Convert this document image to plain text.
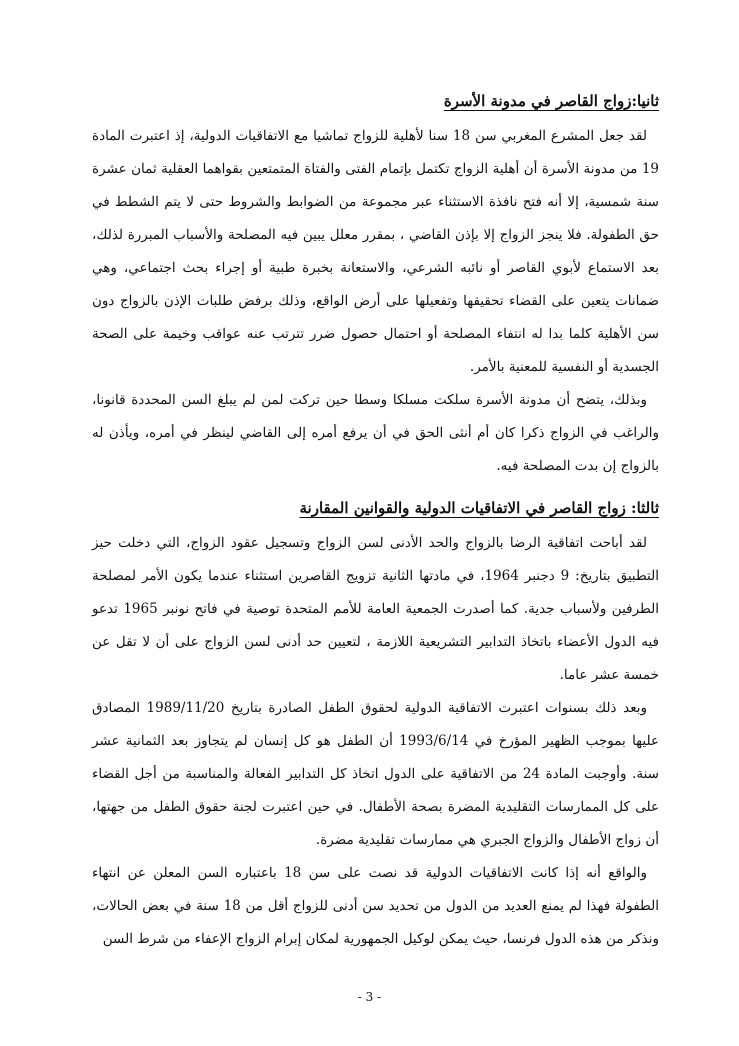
ثانيا:زواج القاصر في مدونة الأسرة

لقد جعل المشرع المغربي سن 18 سنا لأهلية للزواج تماشيا مع الاتفاقيات الدولية، إذ اعتبرت المادة 19 من مدونة الأسرة أن أهلية الزواج تكتمل بإتمام الفتى والفتاة المتمتعين بقواهما العقلية ثمان عشرة سنة شمسية، إلا أنه فتح نافذة الاستثناء عبر مجموعة من الضوابط والشروط حتى لا يتم الشطط في حق الطفولة. فلا ينجز الزواج إلا بإذن القاضي ، بمقرر معلل يبين فيه المصلحة والأسباب المبررة لذلك، بعد الاستماع لأبوي القاصر أو نائبه الشرعي، والاستعانة بخبرة طبية أو إجراء بحث اجتماعي، وهي ضمانات يتعين على القضاء تحقيقها وتفعيلها على أرض الواقع، وذلك برفض طلبات الإذن بالزواج دون سن الأهلية كلما بدا له انتفاء المصلحة أو احتمال حصول ضرر تترتب عنه عواقب وخيمة على الصحة الجسدية أو النفسية للمعنية بالأمر.

وبذلك، يتضح أن مدونة الأسرة سلكت مسلكا وسطا حين تركت لمن لم يبلغ السن المحددة قانونا، والراغب في الزواج ذكرا كان أم أنثى الحق في أن يرفع أمره إلى القاضي لينظر في أمره، ويأذن له بالزواج إن بدت المصلحة فيه.

ثالثا: زواج القاصر في الاتفاقيات الدولية والقوانين المقارنة

لقد أباحت اتفاقية الرضا بالزواج والحد الأدنى لسن الزواج وتسجيل عقود الزواج، التي دخلت حيز التطبيق بتاريخ: 9 دجنبر 1964، في مادتها الثانية تزويج القاصرين استثناء عندما يكون الأمر لمصلحة الطرفين ولأسباب جدية. كما أصدرت الجمعية العامة للأمم المتحدة توصية في فاتح نونبر 1965 تدعو فيه الدول الأعضاء باتخاذ التدابير التشريعية اللازمة ، لتعيين حد أدنى لسن الزواج على أن لا تقل عن خمسة عشر عاما.

وبعد ذلك بسنوات اعتبرت الاتفاقية الدولية لحقوق الطفل الصادرة بتاريخ 1989/11/20 المصادق عليها بموجب الظهير المؤرخ في 1993/6/14 أن الطفل هو كل إنسان لم يتجاوز بعد الثمانية عشر سنة. وأوجبت المادة 24 من الاتفاقية على الدول اتخاذ كل التدابير الفعالة والمناسبة من أجل القضاء على كل الممارسات التقليدية المضرة بصحة الأطفال. في حين اعتبرت لجنة حقوق الطفل من جهتها، أن زواج الأطفال والزواج الجبري هي ممارسات تقليدية مضرة.

والواقع أنه إذا كانت الاتفاقيات الدولية قد نصت على سن 18 باعتباره السن المعلن عن انتهاء الطفولة فهذا لم يمنع العديد من الدول من تحديد سن أدنى للزواج أقل من 18 سنة في بعض الحالات، ونذكر من هذه الدول فرنسا، حيث يمكن لوكيل الجمهورية لمكان إبرام الزواج الإعفاء من شرط السن

- 3 -
